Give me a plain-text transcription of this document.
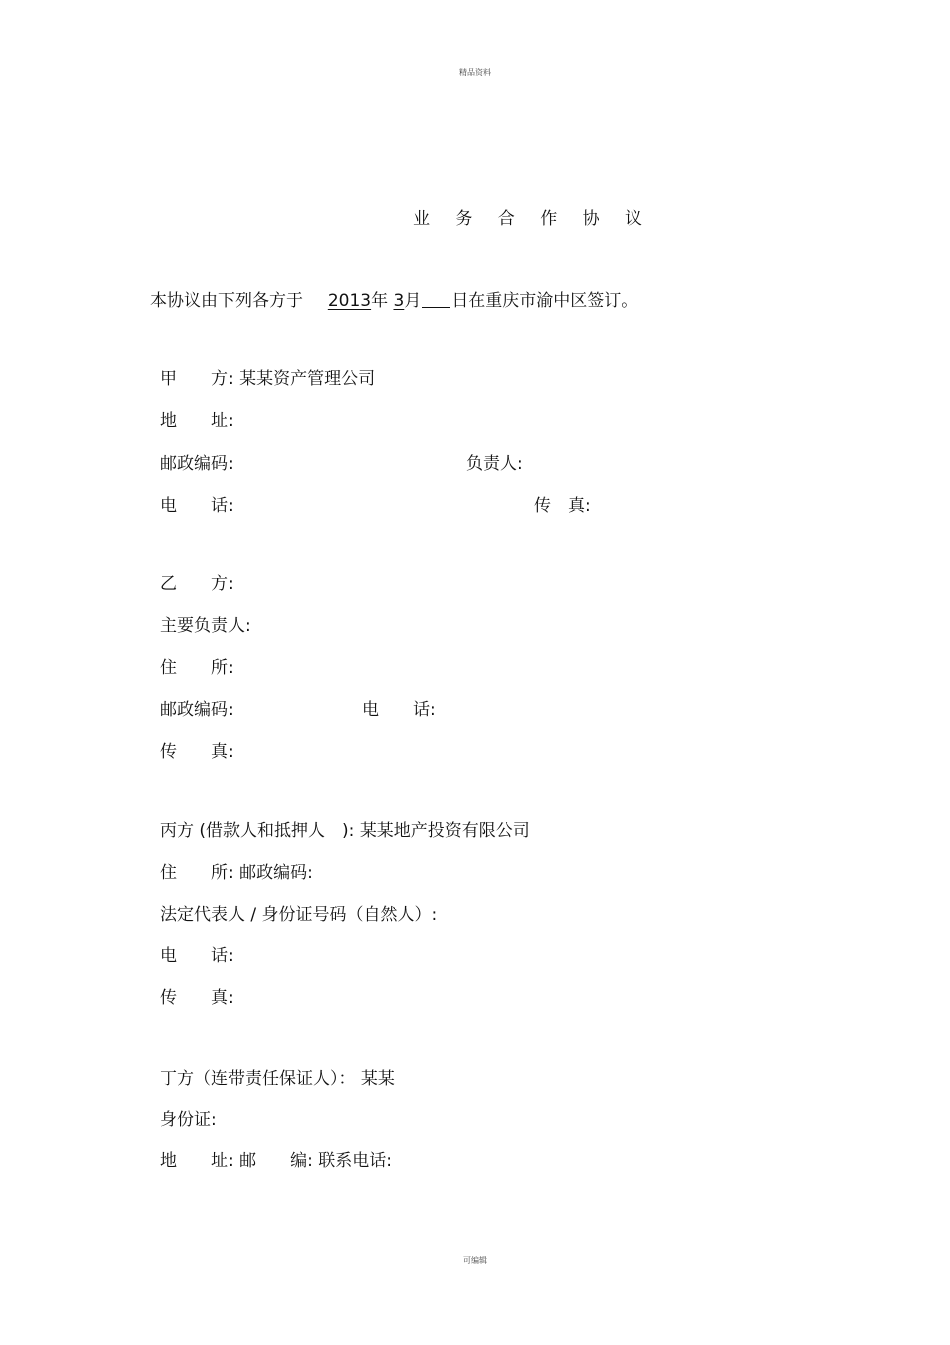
精品资料
业 务 合 作 协 议
本协议由下列各方于 2013年 3月 日在重庆市渝中区签订。
甲　　方: 某某资产管理公司
地　　址:
邮政编码:	负责人:
电　　话:	传　真:
乙　　方:
主要负责人:
住　　所:
邮政编码:	电　　话:
传　　真:
丙方 (借款人和抵押人　): 某某地产投资有限公司
住　　所: 邮政编码:
法定代表人 / 身份证号码（自然人）:
电　　话:
传　　真:
丁方（连带责任保证人）： 某某
身份证:
地　　址: 邮　　编: 联系电话:
可编辑
